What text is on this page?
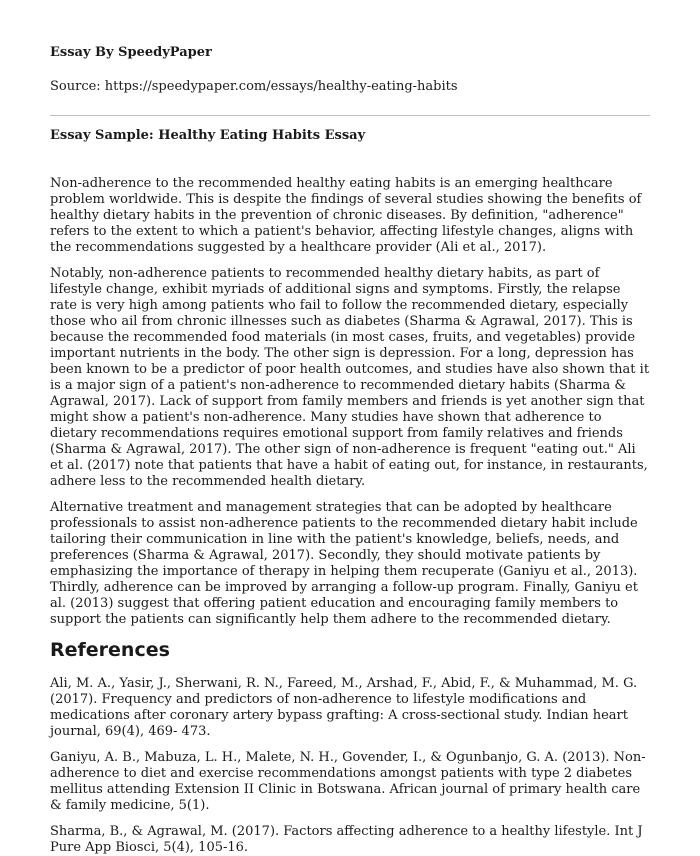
Essay By SpeedyPaper
Source: https://speedypaper.com/essays/healthy-eating-habits
Essay Sample: Healthy Eating Habits Essay

Non-adherence to the recommended healthy eating habits is an emerging healthcare problem worldwide. This is despite the findings of several studies showing the benefits of healthy dietary habits in the prevention of chronic diseases. By definition, "adherence" refers to the extent to which a patient's behavior, affecting lifestyle changes, aligns with the recommendations suggested by a healthcare provider (Ali et al., 2017).

Notably, non-adherence patients to recommended healthy dietary habits, as part of lifestyle change, exhibit myriads of additional signs and symptoms. Firstly, the relapse rate is very high among patients who fail to follow the recommended dietary, especially those who ail from chronic illnesses such as diabetes (Sharma & Agrawal, 2017). This is because the recommended food materials (in most cases, fruits, and vegetables) provide important nutrients in the body. The other sign is depression. For a long, depression has been known to be a predictor of poor health outcomes, and studies have also shown that it is a major sign of a patient's non-adherence to recommended dietary habits (Sharma & Agrawal, 2017). Lack of support from family members and friends is yet another sign that might show a patient's non-adherence. Many studies have shown that adherence to dietary recommendations requires emotional support from family relatives and friends (Sharma & Agrawal, 2017). The other sign of non-adherence is frequent "eating out." Ali et al. (2017) note that patients that have a habit of eating out, for instance, in restaurants, adhere less to the recommended health dietary.

Alternative treatment and management strategies that can be adopted by healthcare professionals to assist non-adherence patients to the recommended dietary habit include tailoring their communication in line with the patient's knowledge, beliefs, needs, and preferences (Sharma & Agrawal, 2017). Secondly, they should motivate patients by emphasizing the importance of therapy in helping them recuperate (Ganiyu et al., 2013). Thirdly, adherence can be improved by arranging a follow-up program. Finally, Ganiyu et al. (2013) suggest that offering patient education and encouraging family members to support the patients can significantly help them adhere to the recommended dietary.

References

Ali, M. A., Yasir, J., Sherwani, R. N., Fareed, M., Arshad, F., Abid, F., & Muhammad, M. G. (2017). Frequency and predictors of non-adherence to lifestyle modifications and medications after coronary artery bypass grafting: A cross-sectional study. Indian heart journal, 69(4), 469- 473.

Ganiyu, A. B., Mabuza, L. H., Malete, N. H., Govender, I., & Ogunbanjo, G. A. (2013). Non-adherence to diet and exercise recommendations amongst patients with type 2 diabetes mellitus attending Extension II Clinic in Botswana. African journal of primary health care & family medicine, 5(1).

Sharma, B., & Agrawal, M. (2017). Factors affecting adherence to a healthy lifestyle. Int J Pure App Biosci, 5(4), 105-16.
